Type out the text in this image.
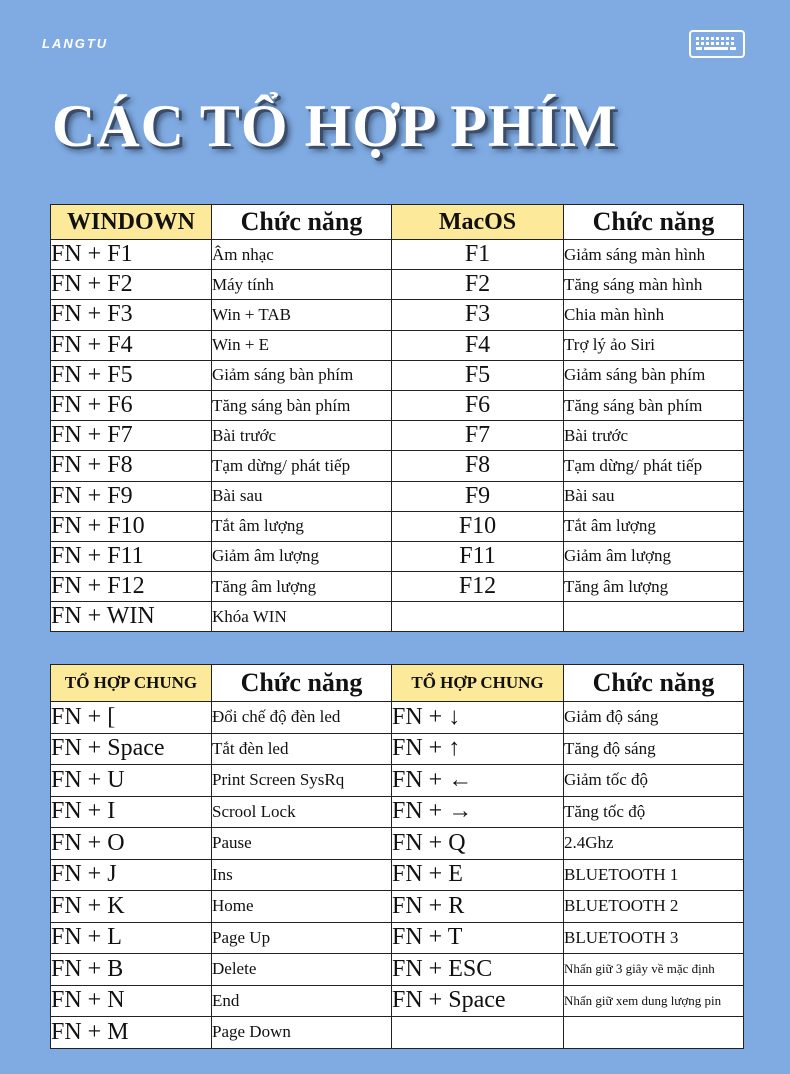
LANGTU
CÁC TỔ HỢP PHÍM
WINDOWN	Chức năng	MacOS	Chức năng
FN + F1	Âm nhạc	F1	Giảm sáng màn hình
FN + F2	Máy tính	F2	Tăng sáng màn hình
FN + F3	Win + TAB	F3	Chia màn hình
FN + F4	Win + E	F4	Trợ lý ảo Siri
FN + F5	Giảm sáng bàn phím	F5	Giảm sáng bàn phím
FN + F6	Tăng sáng bàn phím	F6	Tăng sáng bàn phím
FN + F7	Bài trước	F7	Bài trước
FN + F8	Tạm dừng/ phát tiếp	F8	Tạm dừng/ phát tiếp
FN + F9	Bài sau	F9	Bài sau
FN + F10	Tắt âm lượng	F10	Tắt âm lượng
FN + F11	Giảm âm lượng	F11	Giảm âm lượng
FN + F12	Tăng âm lượng	F12	Tăng âm lượng
FN + WIN	Khóa WIN		
TỔ HỢP CHUNG	Chức năng	TỔ HỢP CHUNG	Chức năng
FN + [	Đổi chế độ đèn led	FN + ↓	Giảm độ sáng
FN + Space	Tắt đèn led	FN + ↑	Tăng độ sáng
FN + U	Print Screen SysRq	FN + ←	Giảm tốc độ
FN + I	Scrool Lock	FN + →	Tăng tốc độ
FN + O	Pause	FN + Q	2.4Ghz
FN + J	Ins	FN + E	BLUETOOTH 1
FN + K	Home	FN + R	BLUETOOTH 2
FN + L	Page Up	FN + T	BLUETOOTH 3
FN + B	Delete	FN + ESC	Nhấn giữ 3 giây về mặc định
FN + N	End	FN + Space	Nhấn giữ xem dung lượng pin
FN + M	Page Down		
